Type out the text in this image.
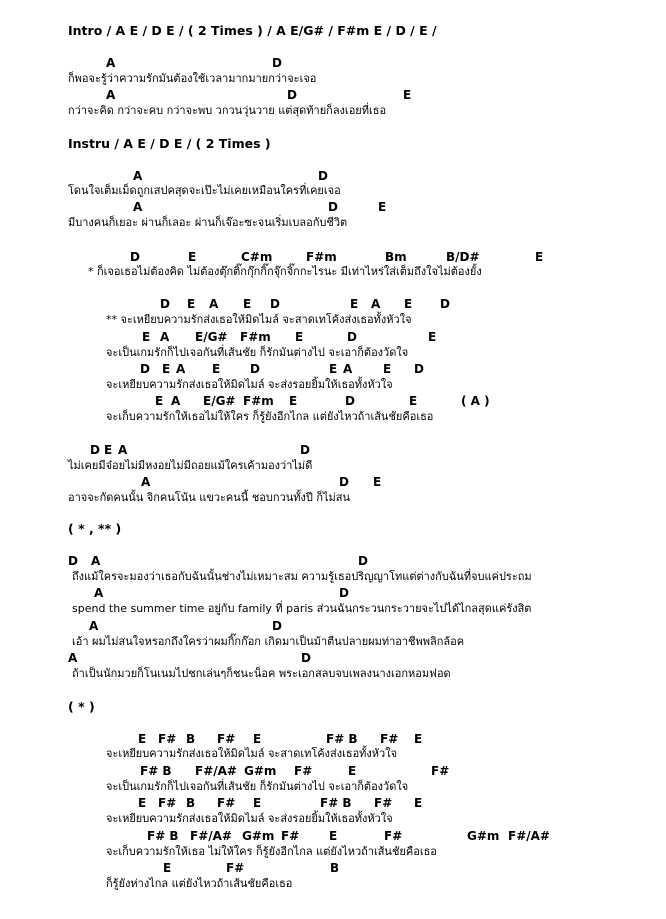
Intro / A E / D E / ( 2 Times ) / A E/G# / F#m E / D / E /
A	D
ก็พอจะรู้ว่าความรักมันต้องใช้เวลามากมายกว่าจะเจอ
A	D	E
กว่าจะคิด กว่าจะคบ กว่าจะพบ วกวนวุ่นวาย แต่สุดท้ายก็ลงเอยที่เธอ
Instru / A E / D E / ( 2 Times )
A	D
โดนใจเต็มเม็ดถูกเสปคสุดจะเป๊ะไม่เคยเหมือนใครที่เคยเจอ
A	D	E
มีบางคนก็เยอะ ผ่านก็เลอะ ผ่านก็เจ๊อะซะจนเริ่มเบลอกับชีวิต
D	E	C#m	F#m	Bm	B/D#	E
* ก็เจอเธอไม่ต้องคิด ไม่ต้องตุ๊กติ๊กกุ๊กกิ๊กจุ๊กจิ๊กกะไรนะ มีเท่าไหร่ใส่เต็มถึงใจไม่ต้องยั้ง
D E A E D	E A E D
** จะเหยียบความรักส่งเธอให้มิดไมล์ จะสาดเทโค้งส่งเธอทั้งหัวใจ
E A E/G# F#m E	D	E
จะเป็นเกมรักก็ไปเจอกันที่เส้นชัย ก็รักมันต่างไป จะเอาก็ต้องวัดใจ
D E A E D	E A	E D
จะเหยียบความรักส่งเธอให้มิดไมล์ จะส่งรอยยิ้มให้เธอทั้งหัวใจ
E A E/G# F#m E	D	E	( A )
จะเก็บความรักให้เธอไม่ให้ใคร ก็รู้ยังอีกไกล แต่ยังไหวถ้าเส้นชัยคือเธอ
D E A	D
ไม่เคยมีจ๋อยไม่มีหงอยไม่มีถอยแม้ใครเค้ามองว่าไม่ดี
A	D E
อาจจะกัดคนนั้น จิกคนโน้น แขวะคนนี้ ชอบกวนทั้งปี ก็ไม่สน
( * , ** )
D A	D
ถึงแม้ใครจะมองว่าเธอกับฉันนั้นช่างไม่เหมาะสม ความรู้เธอปริญญาโทแต่ต่างกับฉันที่จบแค่ประถม
A	D
spend the summer time อยู่กับ family ที่ paris ส่วนฉันกระวนกระวายจะไปได้ไกลสุดแค่รังสิต
A	D
เอ้า ผมไม่สนใจหรอกถึงใครว่าผมกิ๊กก๊อก เกิดมาเป็นม้าตีนปลายผมท่าอาชีพพลิกล้อค
A	D
ถ้าเป็นนักมวยก็โนเนมไปชกเล่นๆก็ชนะน็อค พระเอกสลบจบเพลงนางเอกหอมฟอด
( * )
E F# B F# E	F# B F# E
จะเหยียบความรักส่งเธอให้มิดไมล์ จะสาดเทโค้งส่งเธอทั้งหัวใจ
F# B F#/A# G#m F#	E	F#
จะเป็นเกมรักก็ไปเจอกันที่เส้นชัย ก็รักมันต่างไป จะเอาก็ต้องวัดใจ
E F# B F# E	F# B F# E
จะเหยียบความรักส่งเธอให้มิดไมล์ จะส่งรอยยิ้มให้เธอทั้งหัวใจ
F# B F#/A# G#m F# E	F#	G#m F#/A#
จะเก็บความรักให้เธอ ไม่ให้ใคร ก็รู้ยังอีกไกล แต่ยังไหวถ้าเส้นชัยคือเธอ
E	F#	B
ก็รู้ยังห่างไกล แต่ยังไหวถ้าเส้นชัยคือเธอ
